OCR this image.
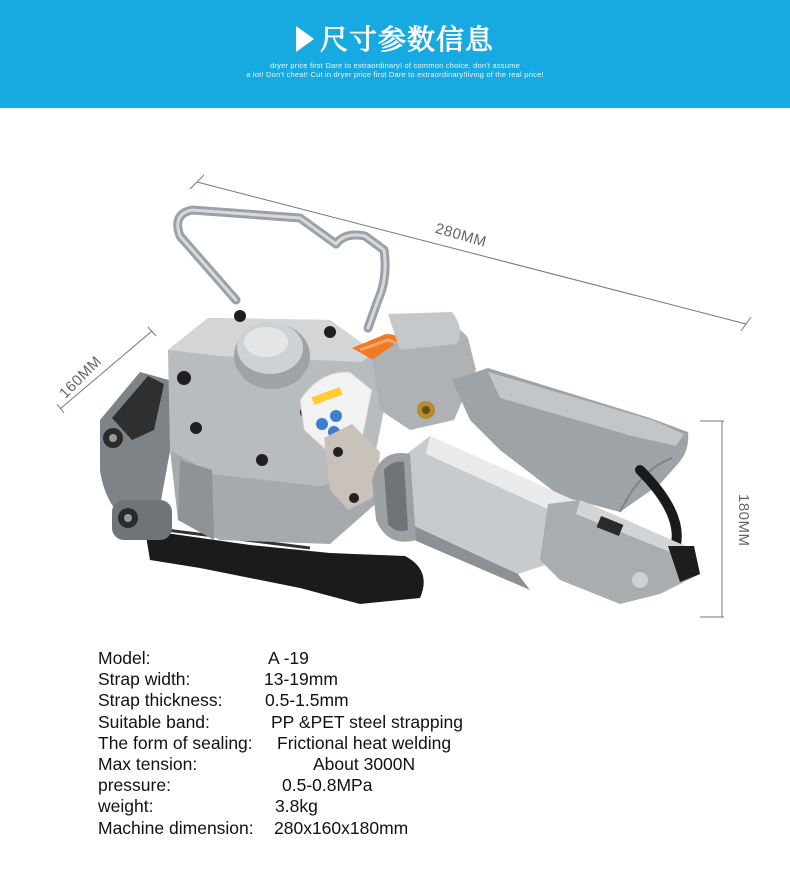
尺寸参数信息
dryer price first Dare to extraordinary! of common choice, don't assume
a lot! Don't cheat! Cut in dryer price first Dare to extraordinary!living of the real price!
280MM
160MM
180MM
Model:	A -19
Strap width:	13-19mm
Strap thickness: 0.5-1.5mm
Suitable band:	PP &PET steel strapping
The form of sealing: Frictional heat welding
Max tension:	About 3000N
pressure:	0.5-0.8MPa
weight:	3.8kg
Machine dimension: 280x160x180mm
